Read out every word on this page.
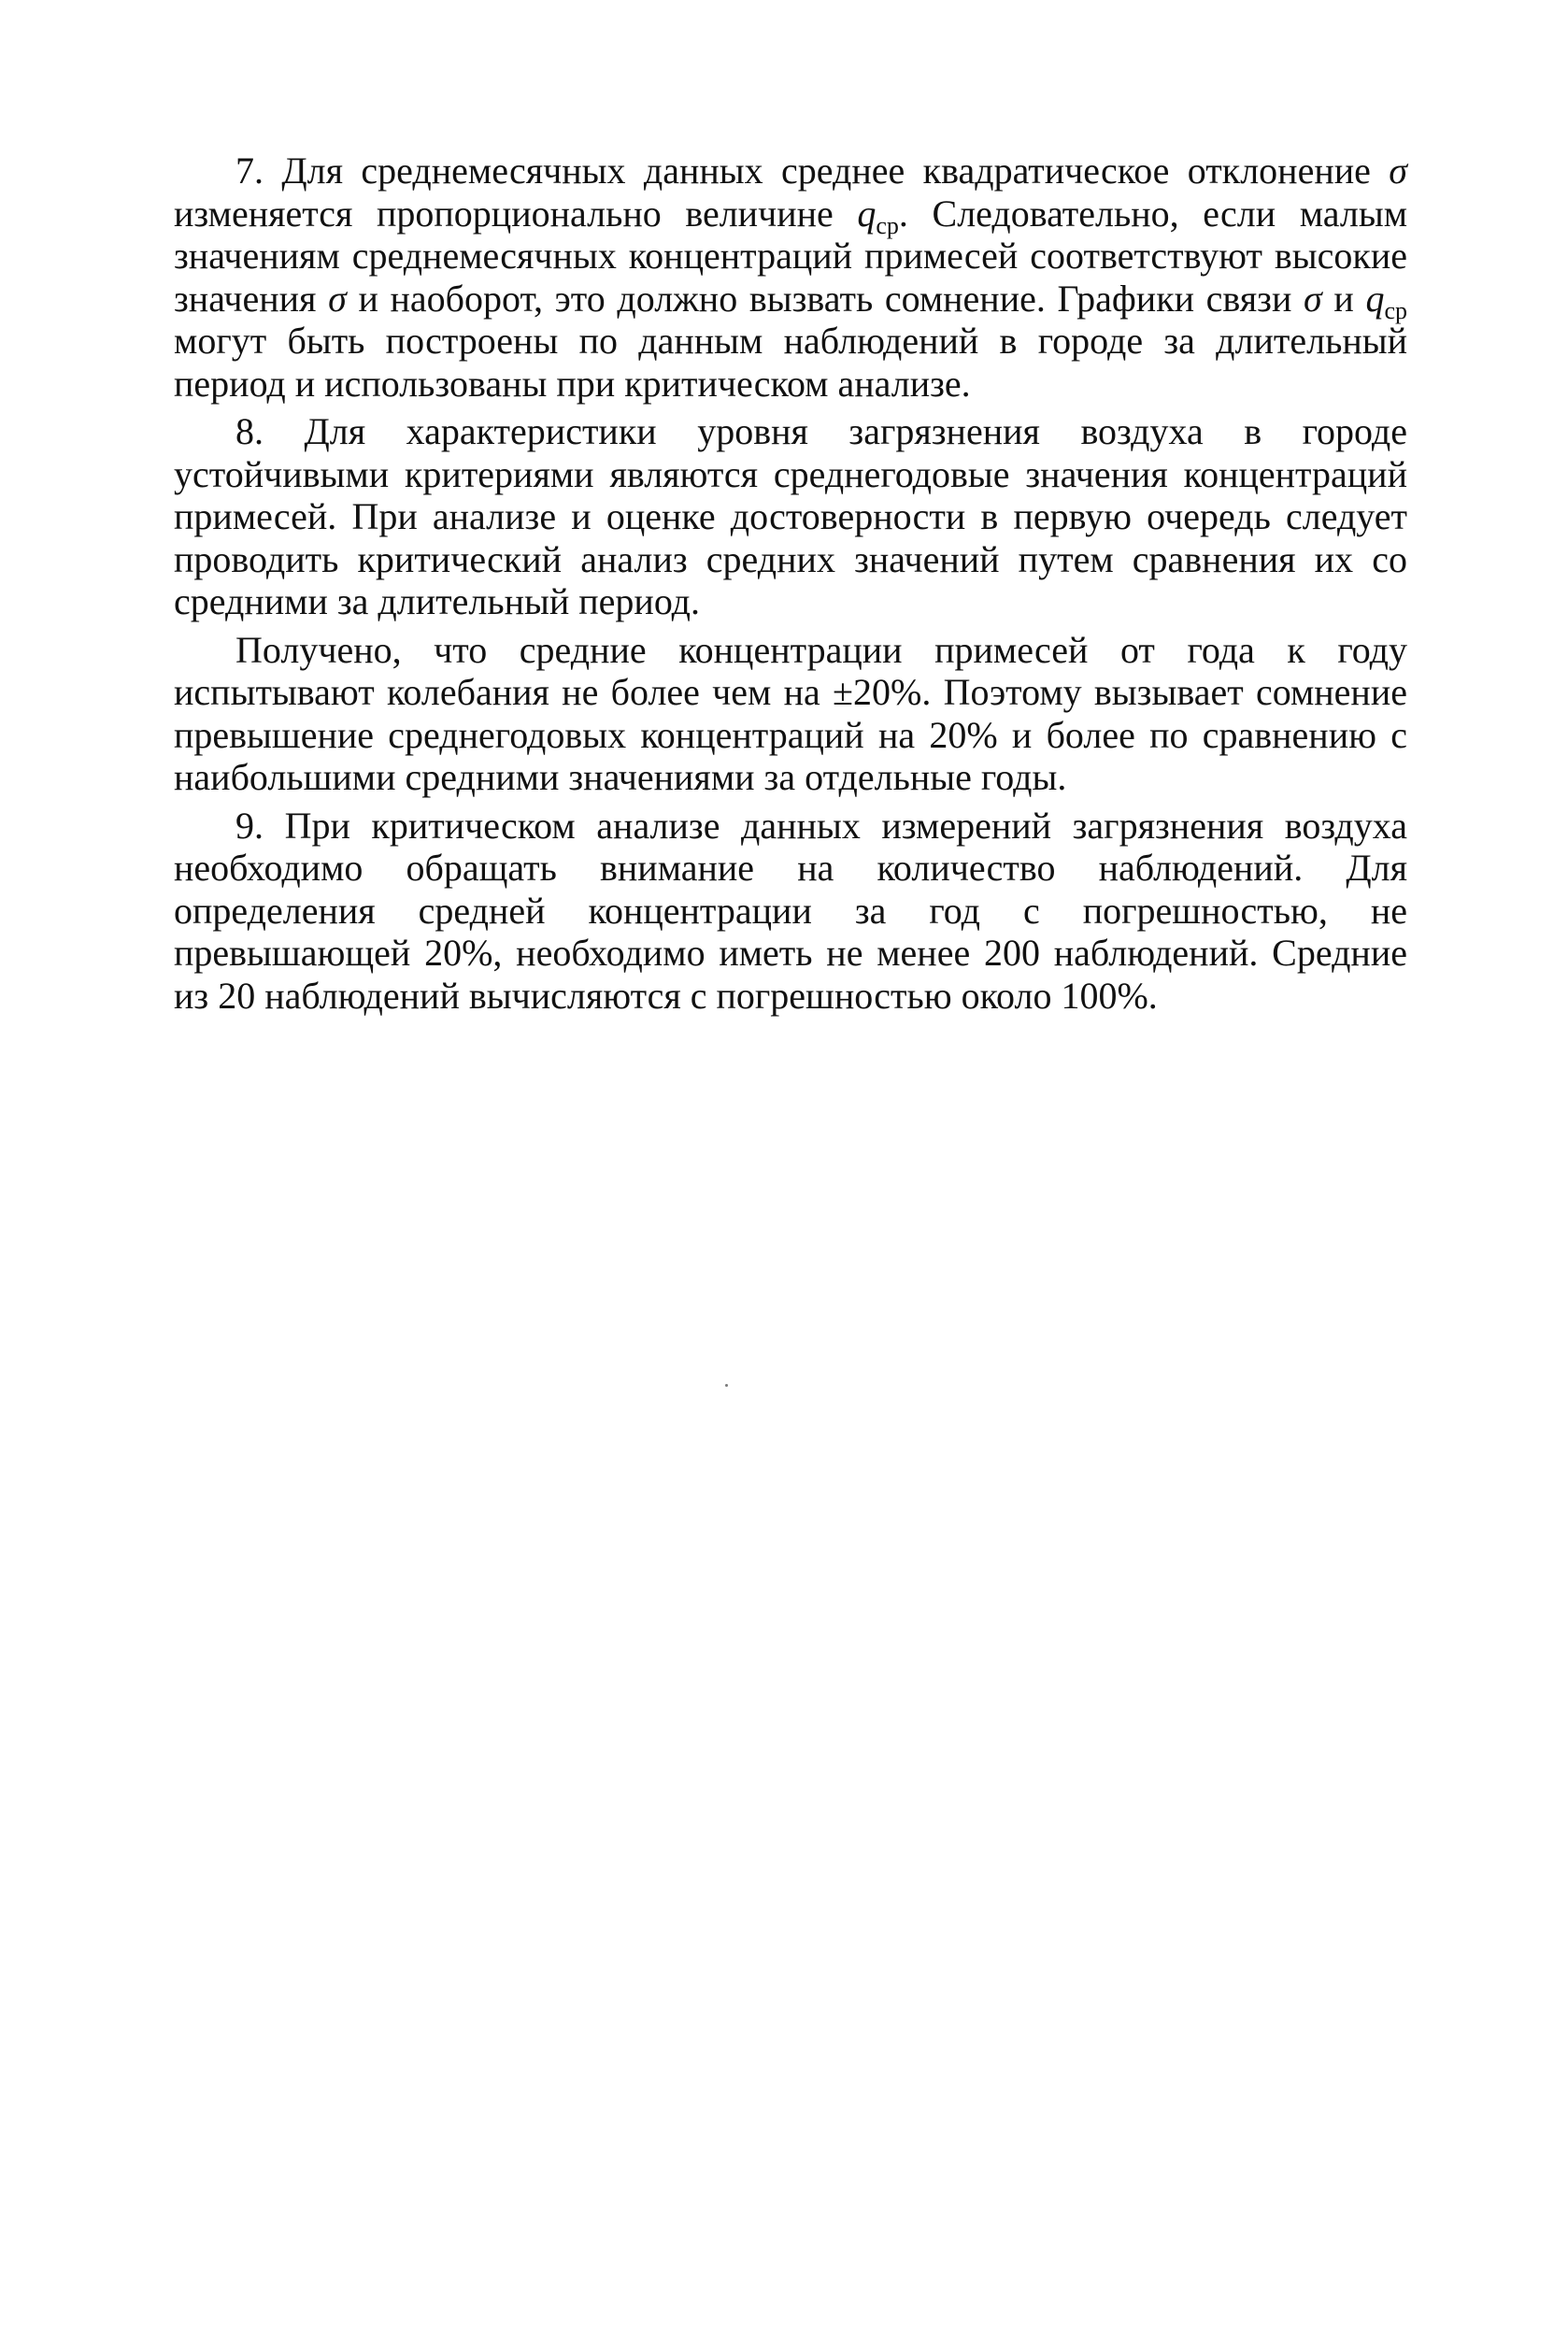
7. Для среднемесячных данных среднее квадратическое отклонение σ изменяется пропорционально величине $q_{ср}$. Следовательно, если малым значениям среднемесячных концентраций примесей соответствуют высокие значения σ и наоборот, это должно вызвать сомнение. Графики связи σ и $q_{ср}$ могут быть построены по данным наблюдений в городе за длительный период и использованы при критическом анализе.

8. Для характеристики уровня загрязнения воздуха в городе устойчивыми критериями являются среднегодовые значения концентраций примесей. При анализе и оценке достоверности в первую очередь следует проводить критический анализ средних значений путем сравнения их со средними за длительный период.

Получено, что средние концентрации примесей от года к году испытывают колебания не более чем на ±20%. Поэтому вызывает сомнение превышение среднегодовых концентраций на 20% и более по сравнению с наибольшими средними значениями за отдельные годы.

9. При критическом анализе данных измерений загрязнения воздуха необходимо обращать внимание на количество наблюдений. Для определения средней концентрации за год с погрешностью, не превышающей 20%, необходимо иметь не менее 200 наблюдений. Средние из 20 наблюдений вычисляются с погрешностью около 100%.
